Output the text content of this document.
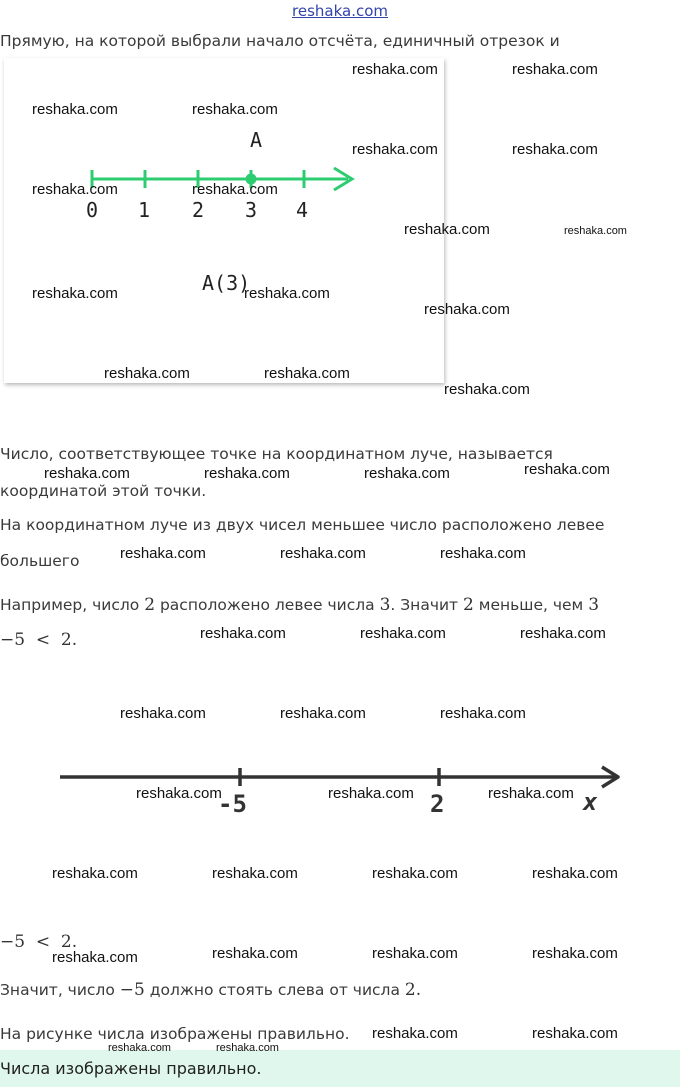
reshaka.com
Прямую, на которой выбрали начало отсчёта, единичный отрезок и
A
0 1 2 3 4
A(3)
Число, соответствующее точке на координатном луче, называется
координатой этой точки.
На координатном луче из двух чисел меньшее число расположено левее
большего
Например, число 2 расположено левее числа 3. Значит 2 меньше, чем 3
−5  <  2.
-5	2	x
−5  <  2.
Значит, число −5 должно стоять слева от числа 2.
На рисунке числа изображены правильно.
Числа изображены правильно.
reshaka.com	reshaka.com
reshaka.com	reshaka.com
reshaka.com	reshaka.com
reshaka.com	reshaka.com
reshaka.com	reshaka.com
reshaka.com	reshaka.com
reshaka.com
reshaka.com	reshaka.com
reshaka.com
reshaka.com	reshaka.com	reshaka.com	reshaka.com
reshaka.com	reshaka.com	reshaka.com
reshaka.com	reshaka.com	reshaka.com
reshaka.com	reshaka.com	reshaka.com
reshaka.com	reshaka.com	reshaka.com
reshaka.com	reshaka.com	reshaka.com	reshaka.com
reshaka.com	reshaka.com	reshaka.com	reshaka.com
reshaka.com	reshaka.com
reshaka.com	reshaka.com
